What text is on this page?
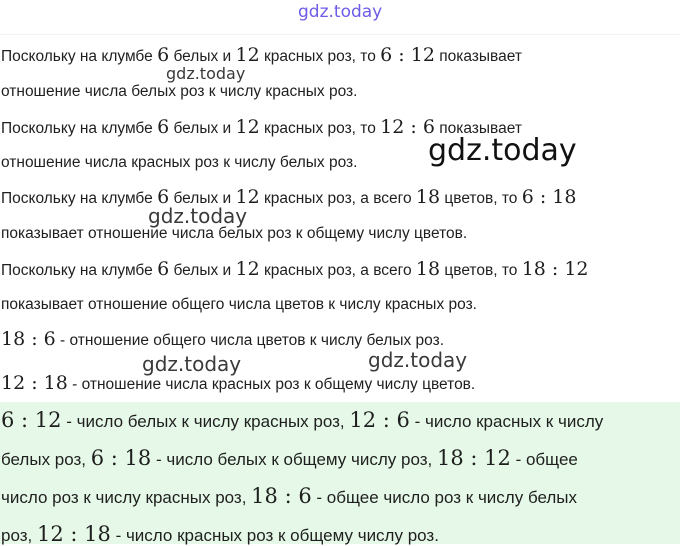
gdz.today
gdz.today
gdz.today
gdz.today
gdz.today	gdz.today
Поскольку на клумбе 6 белых и 12 красных роз, то 6 : 12 показывает
отношение числа белых роз к числу красных роз.
Поскольку на клумбе 6 белых и 12 красных роз, то 12 : 6 показывает
отношение числа красных роз к числу белых роз.
Поскольку на клумбе 6 белых и 12 красных роз, а всего 18 цветов, то 6 : 18
показывает отношение числа белых роз к общему числу цветов.
Поскольку на клумбе 6 белых и 12 красных роз, а всего 18 цветов, то 18 : 12
показывает отношение общего числа цветов к числу красных роз.
18 : 6 - отношение общего числа цветов к числу белых роз.
12 : 18 - отношение числа красных роз к общему числу цветов.
6 : 12 - число белых к числу красных роз, 12 : 6 - число красных к числу
белых роз, 6 : 18 - число белых к общему числу роз, 18 : 12 - общее
число роз к числу красных роз, 18 : 6 - общее число роз к числу белых
роз, 12 : 18 - число красных роз к общему числу роз.
